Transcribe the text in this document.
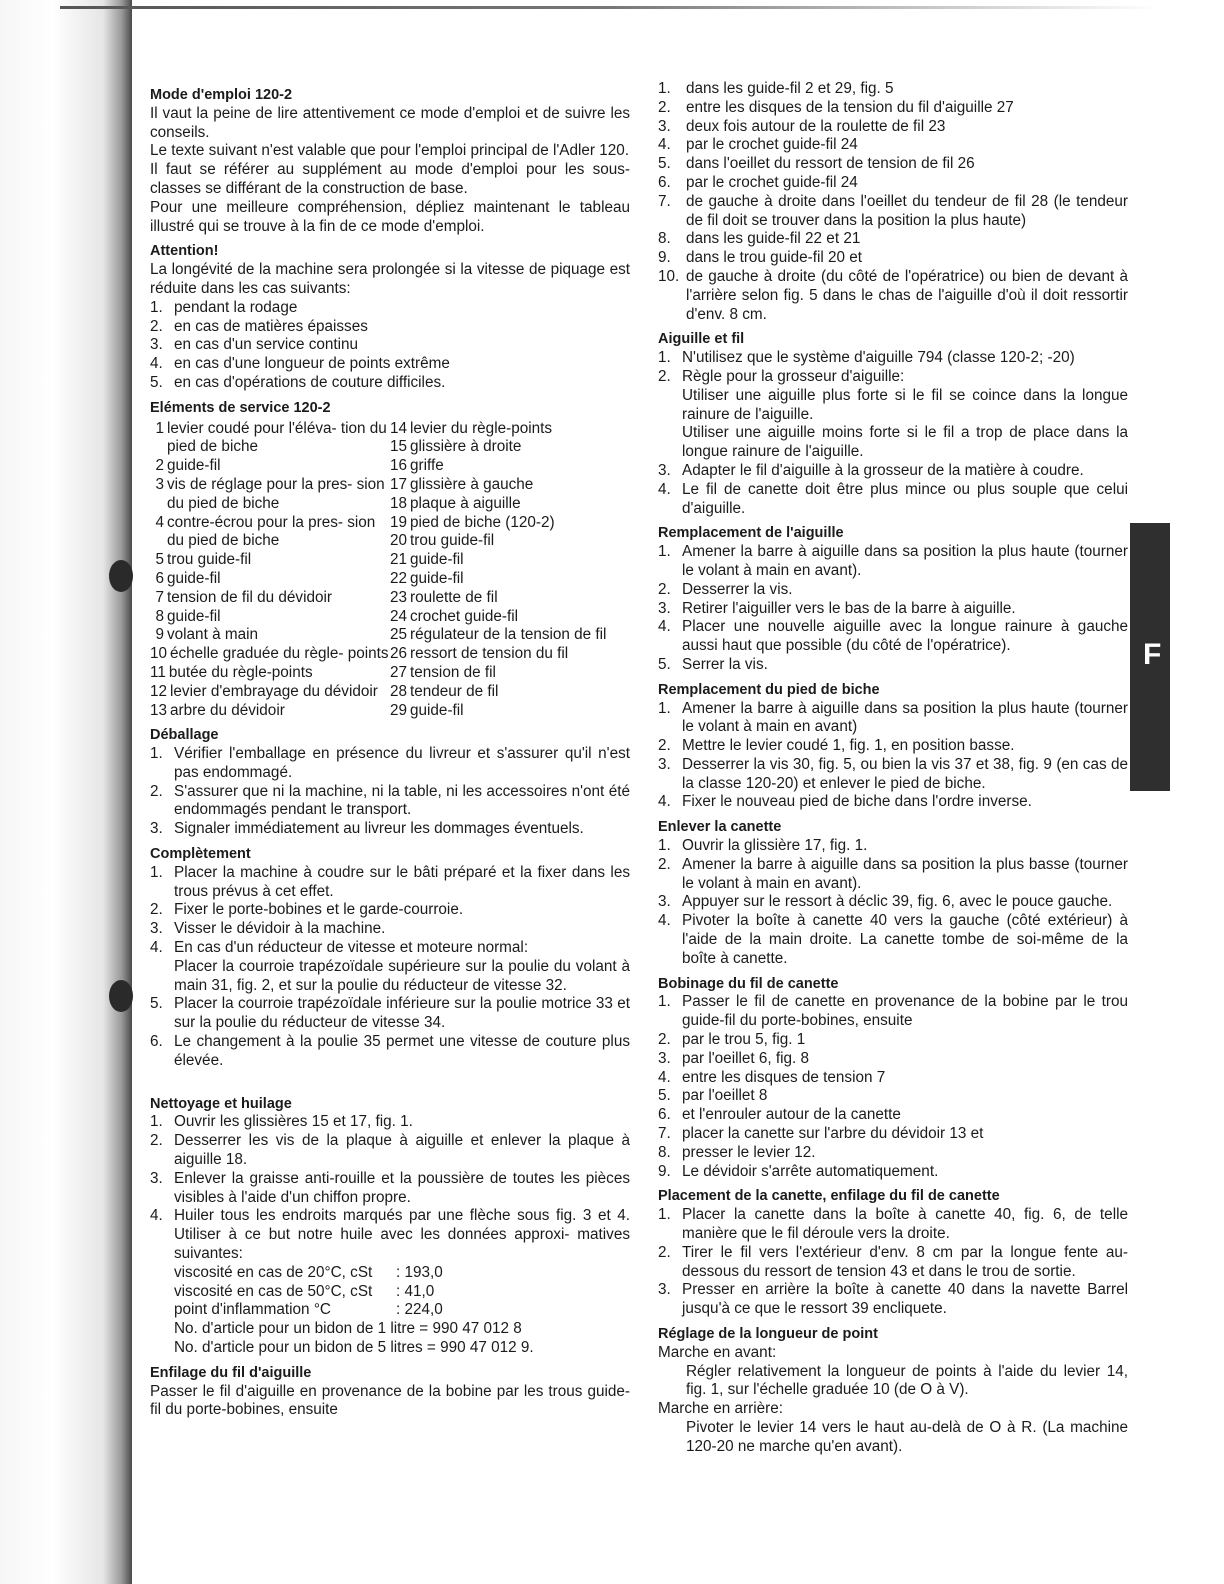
F
Mode d'emploi 120-2

Il vaut la peine de lire attentivement ce mode d'emploi et de suivre les conseils.

Le texte suivant n'est valable que pour l'emploi principal de l'Adler 120.

Il faut se référer au supplément au mode d'emploi pour les sous-classes se différant de la construction de base.

Pour une meilleure compréhension, dépliez maintenant le tableau illustré qui se trouve à la fin de ce mode d'emploi.

Attention!

La longévité de la machine sera prolongée si la vitesse de piquage est réduite dans les cas suivants:

1. pendant la rodage
2. en cas de matières épaisses
3. en cas d'un service continu
4. en cas d'une longueur de points extrême
5. en cas d'opérations de couture difficiles.
Eléments de service 120-2
1 levier coudé pour l'éléva- tion du pied de biche
2 guide-fil
3 vis de réglage pour la pres- sion du pied de biche
4 contre-écrou pour la pres- sion du pied de biche
5 trou guide-fil
6 guide-fil
7 tension de fil du dévidoir
8 guide-fil
9 volant à main
10 échelle graduée du règle- points
11 butée du règle-points
12 levier d'embrayage du dévidoir
13 arbre du dévidoir
14 levier du règle-points
15 glissière à droite
16 griffe
17 glissière à gauche
18 plaque à aiguille
19 pied de biche (120-2)
20 trou guide-fil
21 guide-fil
22 guide-fil
23 roulette de fil
24 crochet guide-fil
25 régulateur de la tension de fil
26 ressort de tension du fil
27 tension de fil
28 tendeur de fil
29 guide-fil
Déballage
1. Vérifier l'emballage en présence du livreur et s'assurer qu'il n'est pas endommagé.
2. S'assurer que ni la machine, ni la table, ni les accessoires n'ont été endommagés pendant le transport.
3. Signaler immédiatement au livreur les dommages éventuels.
Complètement
1. Placer la machine à coudre sur le bâti préparé et la fixer dans les trous prévus à cet effet.
2. Fixer le porte-bobines et le garde-courroie.
3. Visser le dévidoir à la machine.
4. En cas d'un réducteur de vitesse et moteure normal:
Placer la courroie trapézoïdale supérieure sur la poulie du volant à main 31, fig. 2, et sur la poulie du réducteur de vitesse 32.
5. Placer la courroie trapézoïdale inférieure sur la poulie motrice 33 et sur la poulie du réducteur de vitesse 34.
6. Le changement à la poulie 35 permet une vitesse de couture plus élevée.
Nettoyage et huilage
1. Ouvrir les glissières 15 et 17, fig. 1.
2. Desserrer les vis de la plaque à aiguille et enlever la plaque à aiguille 18.
3. Enlever la graisse anti-rouille et la poussière de toutes les pièces visibles à l'aide d'un chiffon propre.
4. Huiler tous les endroits marqués par une flèche sous fig. 3 et 4. Utiliser à ce but notre huile avec les données approxi- matives suivantes:
viscosité en cas de 20°C, cSt	: 193,0
viscosité en cas de 50°C, cSt	: 41,0
point d'inflammation °C	: 224,0
No. d'article pour un bidon de 1 litre = 990 47 012 8
No. d'article pour un bidon de 5 litres = 990 47 012 9.
Enfilage du fil d'aiguille

Passer le fil d'aiguille en provenance de la bobine par les trous guide-fil du porte-bobines, ensuite

1. dans les guide-fil 2 et 29, fig. 5
2. entre les disques de la tension du fil d'aiguille 27
3. deux fois autour de la roulette de fil 23
4. par le crochet guide-fil 24
5. dans l'oeillet du ressort de tension de fil 26
6. par le crochet guide-fil 24
7. de gauche à droite dans l'oeillet du tendeur de fil 28 (le tendeur de fil doit se trouver dans la position la plus haute)
8. dans les guide-fil 22 et 21
9. dans le trou guide-fil 20 et
10. de gauche à droite (du côté de l'opératrice) ou bien de devant à l'arrière selon fig. 5 dans le chas de l'aiguille d'où il doit ressortir d'env. 8 cm.
Aiguille et fil
1. N'utilisez que le système d'aiguille 794 (classe 120-2; -20)
2. Règle pour la grosseur d'aiguille:
Utiliser une aiguille plus forte si le fil se coince dans la longue rainure de l'aiguille.
Utiliser une aiguille moins forte si le fil a trop de place dans la longue rainure de l'aiguille.
3. Adapter le fil d'aiguille à la grosseur de la matière à coudre.
4. Le fil de canette doit être plus mince ou plus souple que celui d'aiguille.
Remplacement de l'aiguille
1. Amener la barre à aiguille dans sa position la plus haute (tourner le volant à main en avant).
2. Desserrer la vis.
3. Retirer l'aiguiller vers le bas de la barre à aiguille.
4. Placer une nouvelle aiguille avec la longue rainure à gauche aussi haut que possible (du côté de l'opératrice).
5. Serrer la vis.
Remplacement du pied de biche
1. Amener la barre à aiguille dans sa position la plus haute (tourner le volant à main en avant)
2. Mettre le levier coudé 1, fig. 1, en position basse.
3. Desserrer la vis 30, fig. 5, ou bien la vis 37 et 38, fig. 9 (en cas de la classe 120-20) et enlever le pied de biche.
4. Fixer le nouveau pied de biche dans l'ordre inverse.
Enlever la canette
1. Ouvrir la glissière 17, fig. 1.
2. Amener la barre à aiguille dans sa position la plus basse (tourner le volant à main en avant).
3. Appuyer sur le ressort à déclic 39, fig. 6, avec le pouce gauche.
4. Pivoter la boîte à canette 40 vers la gauche (côté extérieur) à l'aide de la main droite. La canette tombe de soi-même de la boîte à canette.
Bobinage du fil de canette
1. Passer le fil de canette en provenance de la bobine par le trou guide-fil du porte-bobines, ensuite
2. par le trou 5, fig. 1
3. par l'oeillet 6, fig. 8
4. entre les disques de tension 7
5. par l'oeillet 8
6. et l'enrouler autour de la canette
7. placer la canette sur l'arbre du dévidoir 13 et
8. presser le levier 12.
9. Le dévidoir s'arrête automatiquement.
Placement de la canette, enfilage du fil de canette
1. Placer la canette dans la boîte à canette 40, fig. 6, de telle manière que le fil déroule vers la droite.
2. Tirer le fil vers l'extérieur d'env. 8 cm par la longue fente au-dessous du ressort de tension 43 et dans le trou de sortie.
3. Presser en arrière la boîte à canette 40 dans la navette Barrel jusqu'à ce que le ressort 39 encliquete.
Réglage de la longueur de point
Marche en avant:

Régler relativement la longueur de points à l'aide du levier 14, fig. 1, sur l'échelle graduée 10 (de O à V).

Marche en arrière:

Pivoter le levier 14 vers le haut au-delà de O à R. (La machine 120-20 ne marche qu'en avant).
